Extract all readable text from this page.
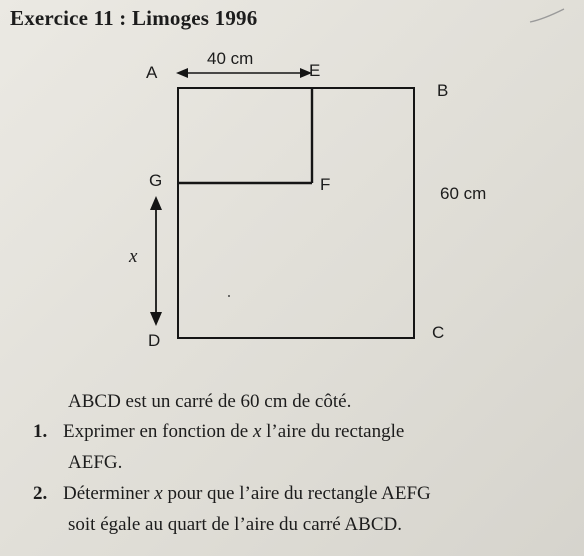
Exercice 11 : Limoges 1996
A
40 cm
E
B
G	F	60 cm
x
D	C
ABCD est un carré de 60 cm de côté.
1. Exprimer en fonction de x l’aire du rectangle
AEFG.
2. Déterminer x pour que l’aire du rectangle AEFG
soit égale au quart de l’aire du carré ABCD.
